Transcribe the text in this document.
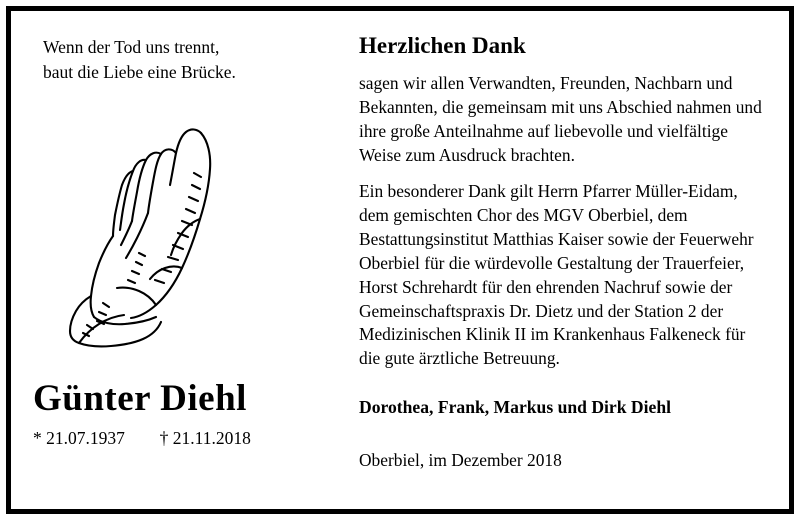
Wenn der Tod uns trennt,
baut die Liebe eine Brücke.
Günter Diehl
* 21.07.1937 † 21.11.2018
Herzlichen Dank

sagen wir allen Verwandten, Freunden, Nachbarn und Bekannten, die gemeinsam mit uns Abschied nahmen und ihre große Anteilnahme auf liebevolle und vielfältige Weise zum Ausdruck brachten.

Ein besonderer Dank gilt Herrn Pfarrer Müller-Eidam, dem gemischten Chor des MGV Oberbiel, dem Bestattungsinstitut Matthias Kaiser sowie der Feuerwehr Oberbiel für die würdevolle Gestaltung der Trauerfeier, Horst Schrehardt für den ehrenden Nachruf sowie der Gemeinschaftspraxis Dr. Dietz und der Station 2 der Medizinischen Klinik II im Krankenhaus Falkeneck für die gute ärztliche Betreuung.

Dorothea, Frank, Markus und Dirk Diehl
Oberbiel, im Dezember 2018
